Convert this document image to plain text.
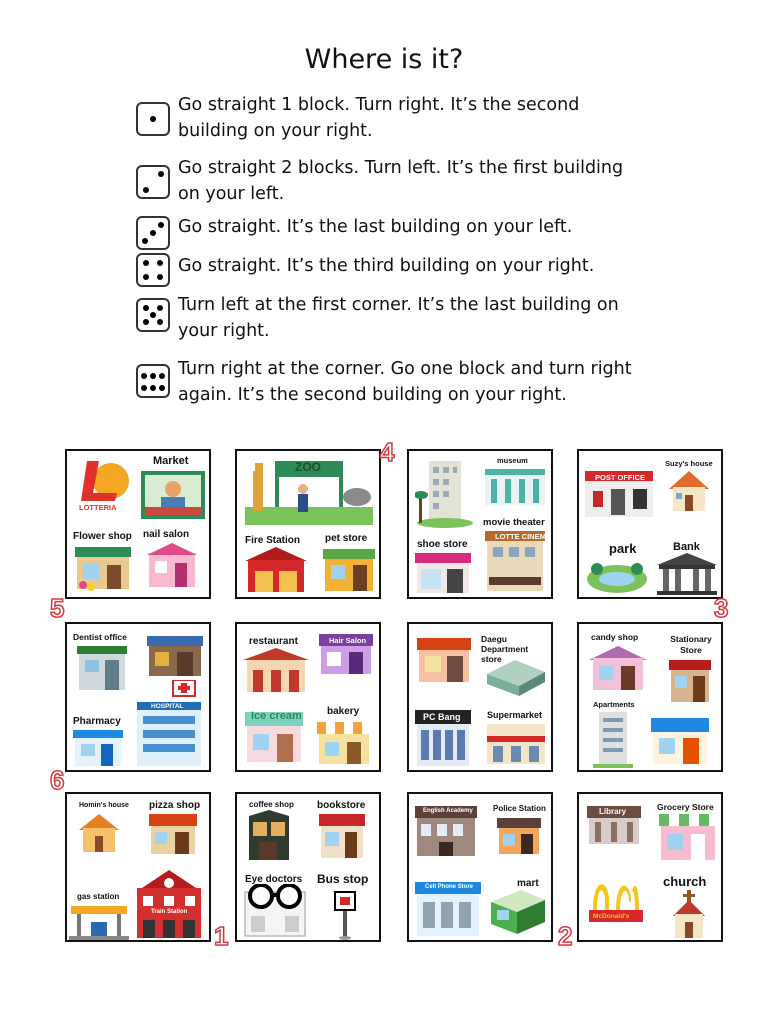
Where is it?
Go straight 1 block. Turn right. It’s the second building on your right.
Go straight 2 blocks. Turn left. It’s the first building on your left.
Go straight. It’s the last building on your left.
Go straight. It’s the third building on your right.
Turn left at the first corner. It’s the last building on your right.
Turn right at the corner. Go one block and turn right again. It’s the second building on your right.
LOTTERIA
Market
Flower shop nail salon
ZOO
Fire Station pet store
museum
movie theater
LOTTE CINEMA
shoe store
POST OFFICE
Suzy's house
park	Bank
Dentist office
Pharmacy
HOSPITAL
restaurant	Hair Salon
Ice cream	bakery
Daegu Department store
PC Bang	Supermarket
candy shop	Stationary Store
Apartments
Homin's house pizza shop
gas station
Train Station
coffee shop bookstore
Eye doctors Bus stop
English Academy	Police Station
Cell Phone Store	mart
Library	Grocery Store
McDonald's
church
4
5	3
6
1	2
